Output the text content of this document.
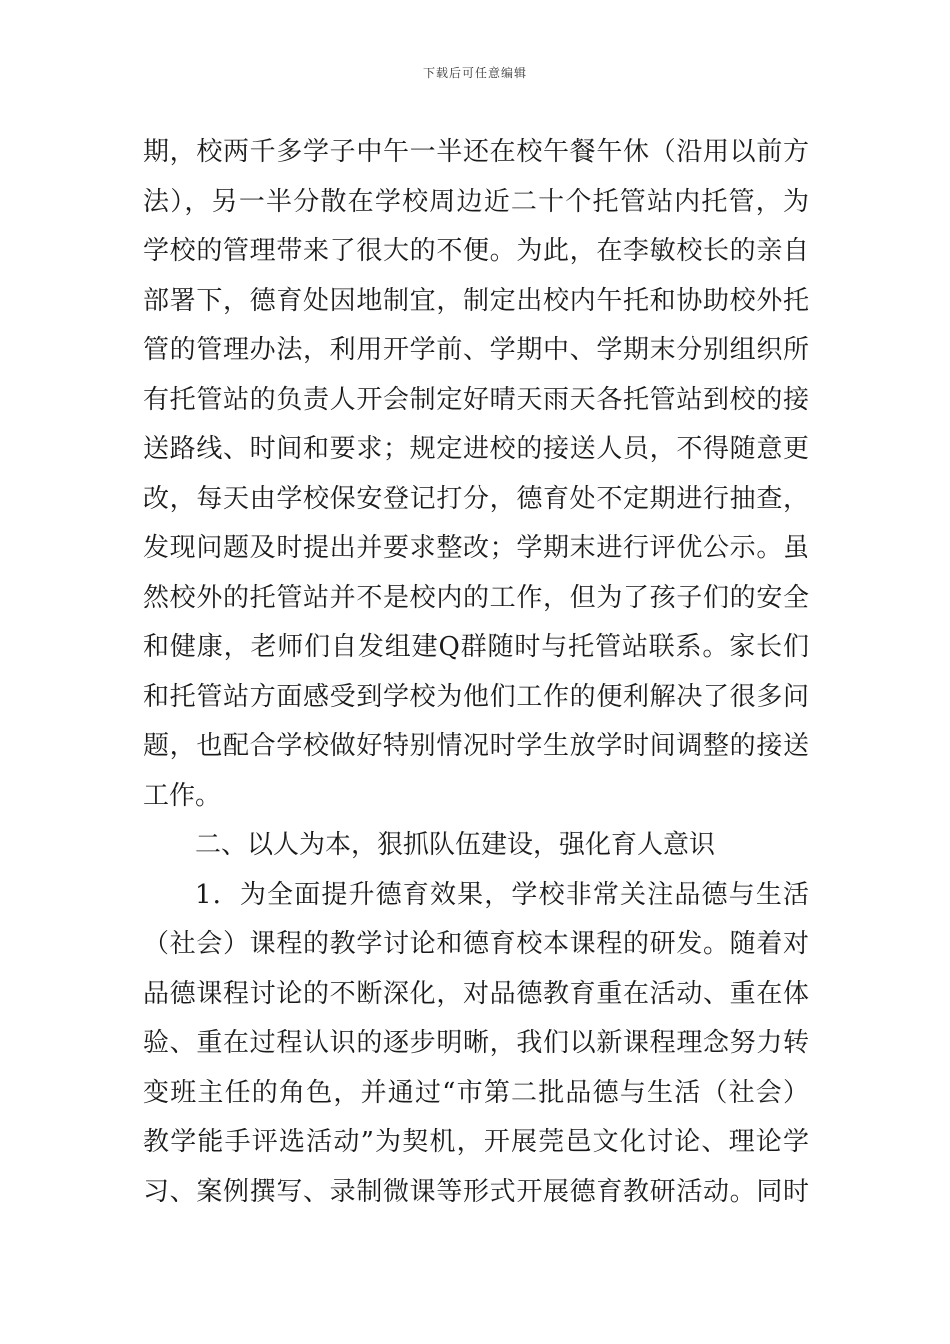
下载后可任意编辑
期，校两千多学子中午一半还在校午餐午休（沿用以前方
法），另一半分散在学校周边近二十个托管站内托管，为
学校的管理带来了很大的不便。为此，在李敏校长的亲自
部署下，德育处因地制宜，制定出校内午托和协助校外托
管的管理办法，利用开学前、学期中、学期末分别组织所
有托管站的负责人开会制定好晴天雨天各托管站到校的接
送路线、时间和要求；规定进校的接送人员，不得随意更
改，每天由学校保安登记打分，德育处不定期进行抽查，
发现问题及时提出并要求整改；学期末进行评优公示。虽
然校外的托管站并不是校内的工作，但为了孩子们的安全
和健康，老师们自发组建Q群随时与托管站联系。家长们
和托管站方面感受到学校为他们工作的便利解决了很多问
题，也配合学校做好特别情况时学生放学时间调整的接送
工作。
二、以人为本，狠抓队伍建设，强化育人意识
1．为全面提升德育效果，学校非常关注品德与生活
（社会）课程的教学讨论和德育校本课程的研发。随着对
品德课程讨论的不断深化，对品德教育重在活动、重在体
验、重在过程认识的逐步明晰，我们以新课程理念努力转
变班主任的角色，并通过“市第二批品德与生活（社会）
教学能手评选活动”为契机，开展莞邑文化讨论、理论学
习、案例撰写、录制微课等形式开展德育教研活动。同时
